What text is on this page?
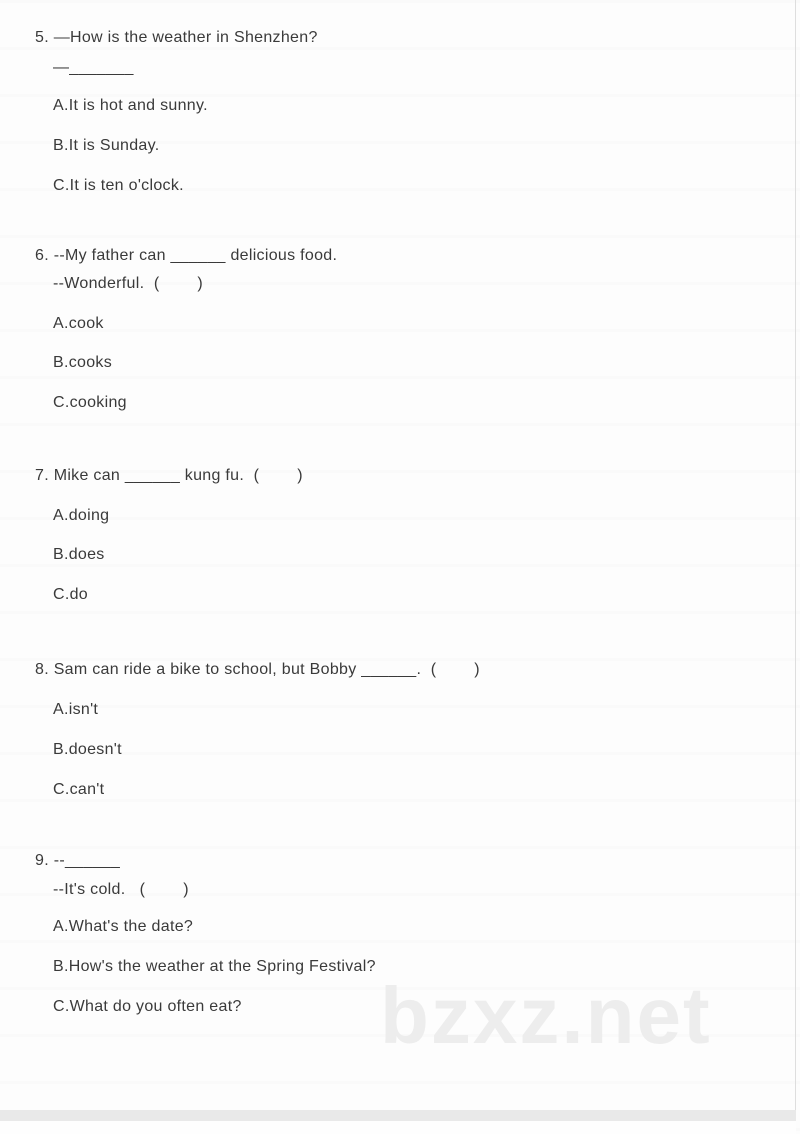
5. —How is the weather in Shenzhen?
—_______
A.It is hot and sunny.
B.It is Sunday.
C.It is ten o'clock.
6. --My father can ______ delicious food.
--Wonderful.  (        )
A.cook
B.cooks
C.cooking
7. Mike can ______ kung fu.  (        )
A.doing
B.does
C.do
8. Sam can ride a bike to school, but Bobby ______.  (        )
A.isn't
B.doesn't
C.can't
9. --______
--It's cold.   (        )
A.What's the date?
B.How's the weather at the Spring Festival?
C.What do you often eat? bzxz.net
